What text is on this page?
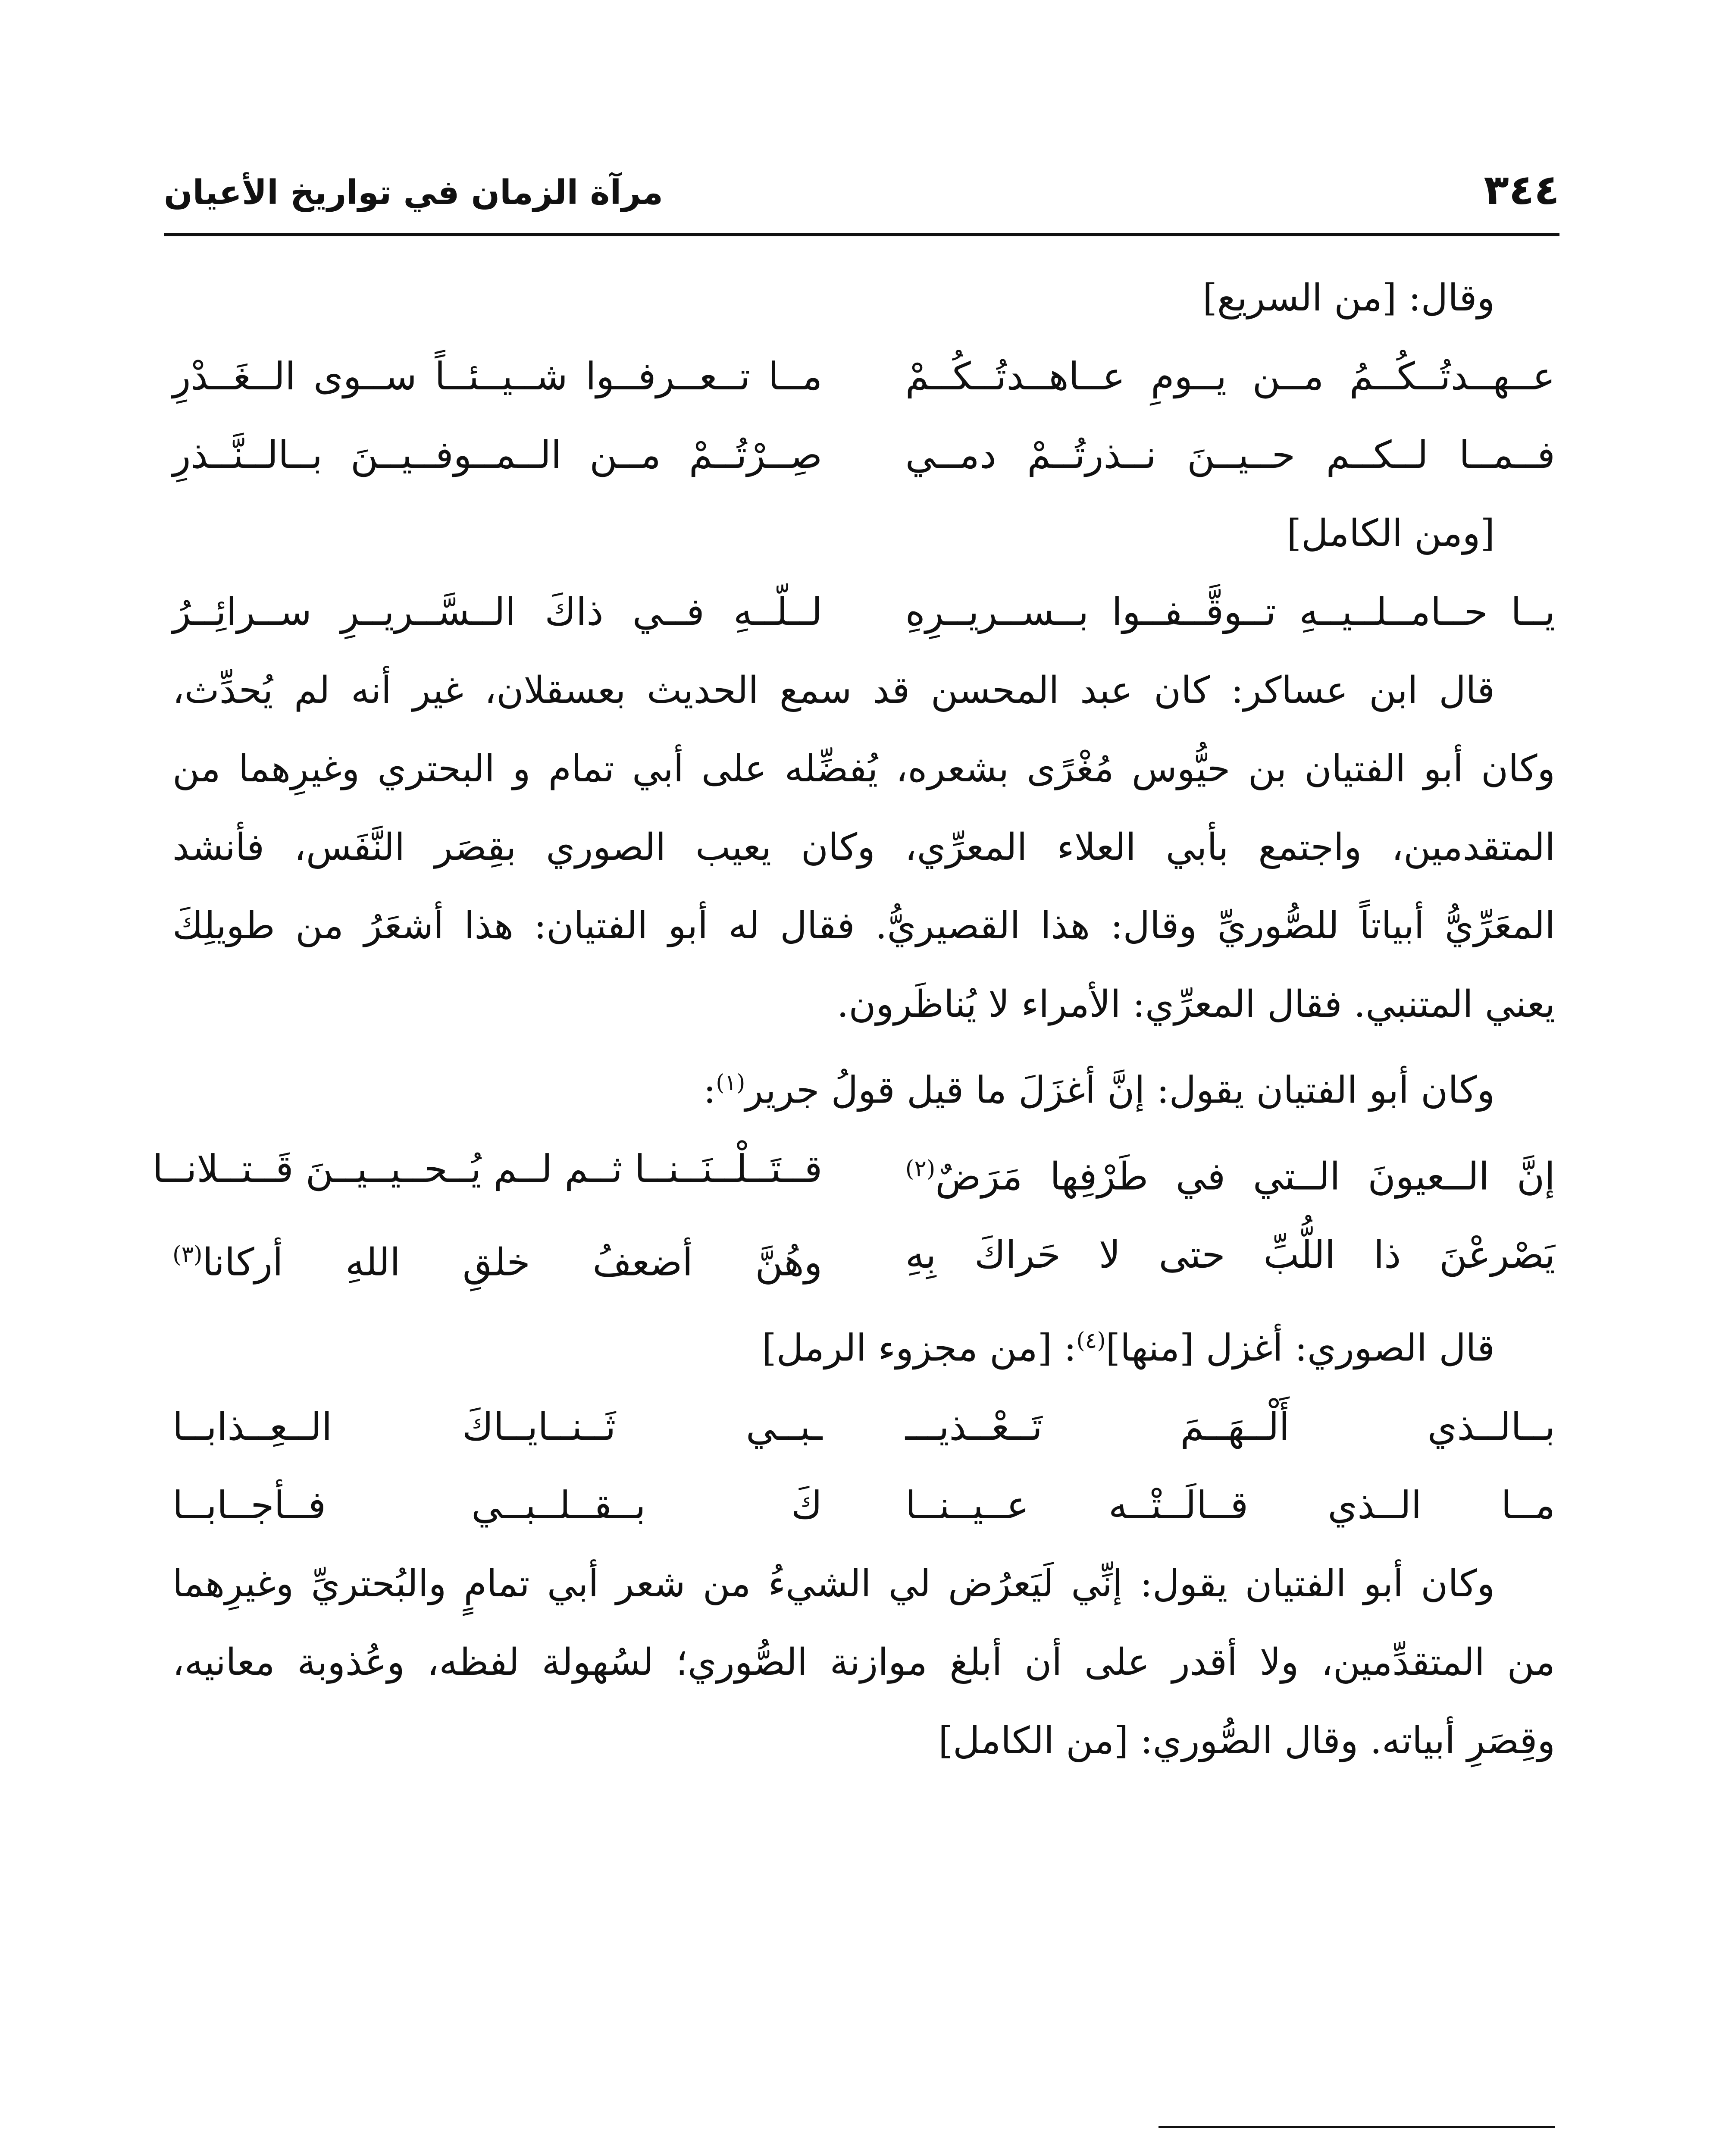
٣٤٤
مرآة الزمان في تواريخ الأعيان
وقال: [من السريع]
عــهــدتُــكُــمُ مــن يــومِ عــاهــدتُــكُــمْ
مــا تــعــرفــوا شــيــئــاً ســوى الــغَــدْرِ
فــمــا لــكــم حــيــنَ نــذرتُــمْ دمــي
صِــرْتُــمْ مــن الــمــوفــيــنَ بــالــنَّــذرِ
[ومن الكامل]
يــا حــامــلــيــهِ تــوقَّــفــوا بــســريــرِهِ
لــلّــهِ فــي ذاكَ الــسَّــريــرِ ســرائِــرُ
قال ابن عساكر: كان عبد المحسن قد سمع الحديث بعسقلان، غير أنه لم يُحدِّث،
وكان أبو الفتيان بن حيُّوس مُغْرًى بشعره، يُفضِّله على أبي تمام و البحتري وغيرِهما من
المتقدمين، واجتمع بأبي العلاء المعرِّي، وكان يعيب الصوري بقِصَر النَّفَس، فأنشد
المعَرِّيُّ أبياتاً للصُّوريِّ وقال: هذا القصيريُّ. فقال له أبو الفتيان: هذا أشعَرُ من طويلِكَ
يعني المتنبي. فقال المعرِّي: الأمراء لا يُناظَرون.
وكان أبو الفتيان يقول: إنَّ أغزَلَ ما قيل قولُ جرير$^{(١)}$:
إنَّ الــعيونَ الــتي في طَرْفِها مَرَضٌ$^{(٢)}$
قــتَــلْــنَــنــا ثــم لــم يُــحــيــيــنَ قَــتــلانــا
يَصْرعْنَ ذا اللُّبِّ حتى لا حَراكَ بِهِ
وهُنَّ أضعفُ خلقِ اللهِ أركانا$^{(٣)}$
قال الصوري: أغزل [منها]$^{(٤)}$: [من مجزوء الرمل]
بــالــذي أَلْــهَــمَ تَــعْــذيـــ
ـبــي ثَــنــايــاكَ الــعِــذابــا
مــا الــذي قــالَــتْــه عــيــنــا
كَ بــقــلــبــي فــأجــابــا
وكان أبو الفتيان يقول: إنِّي لَيَعرُض لي الشيءُ من شعر أبي تمامٍ والبُحتريِّ وغيرِهما
من المتقدِّمين، ولا أقدر على أن أبلغ موازنة الصُّوري؛ لسُهولة لفظه، وعُذوبة معانيه،
وقِصَرِ أبياته. وقال الصُّوري: [من الكامل]
